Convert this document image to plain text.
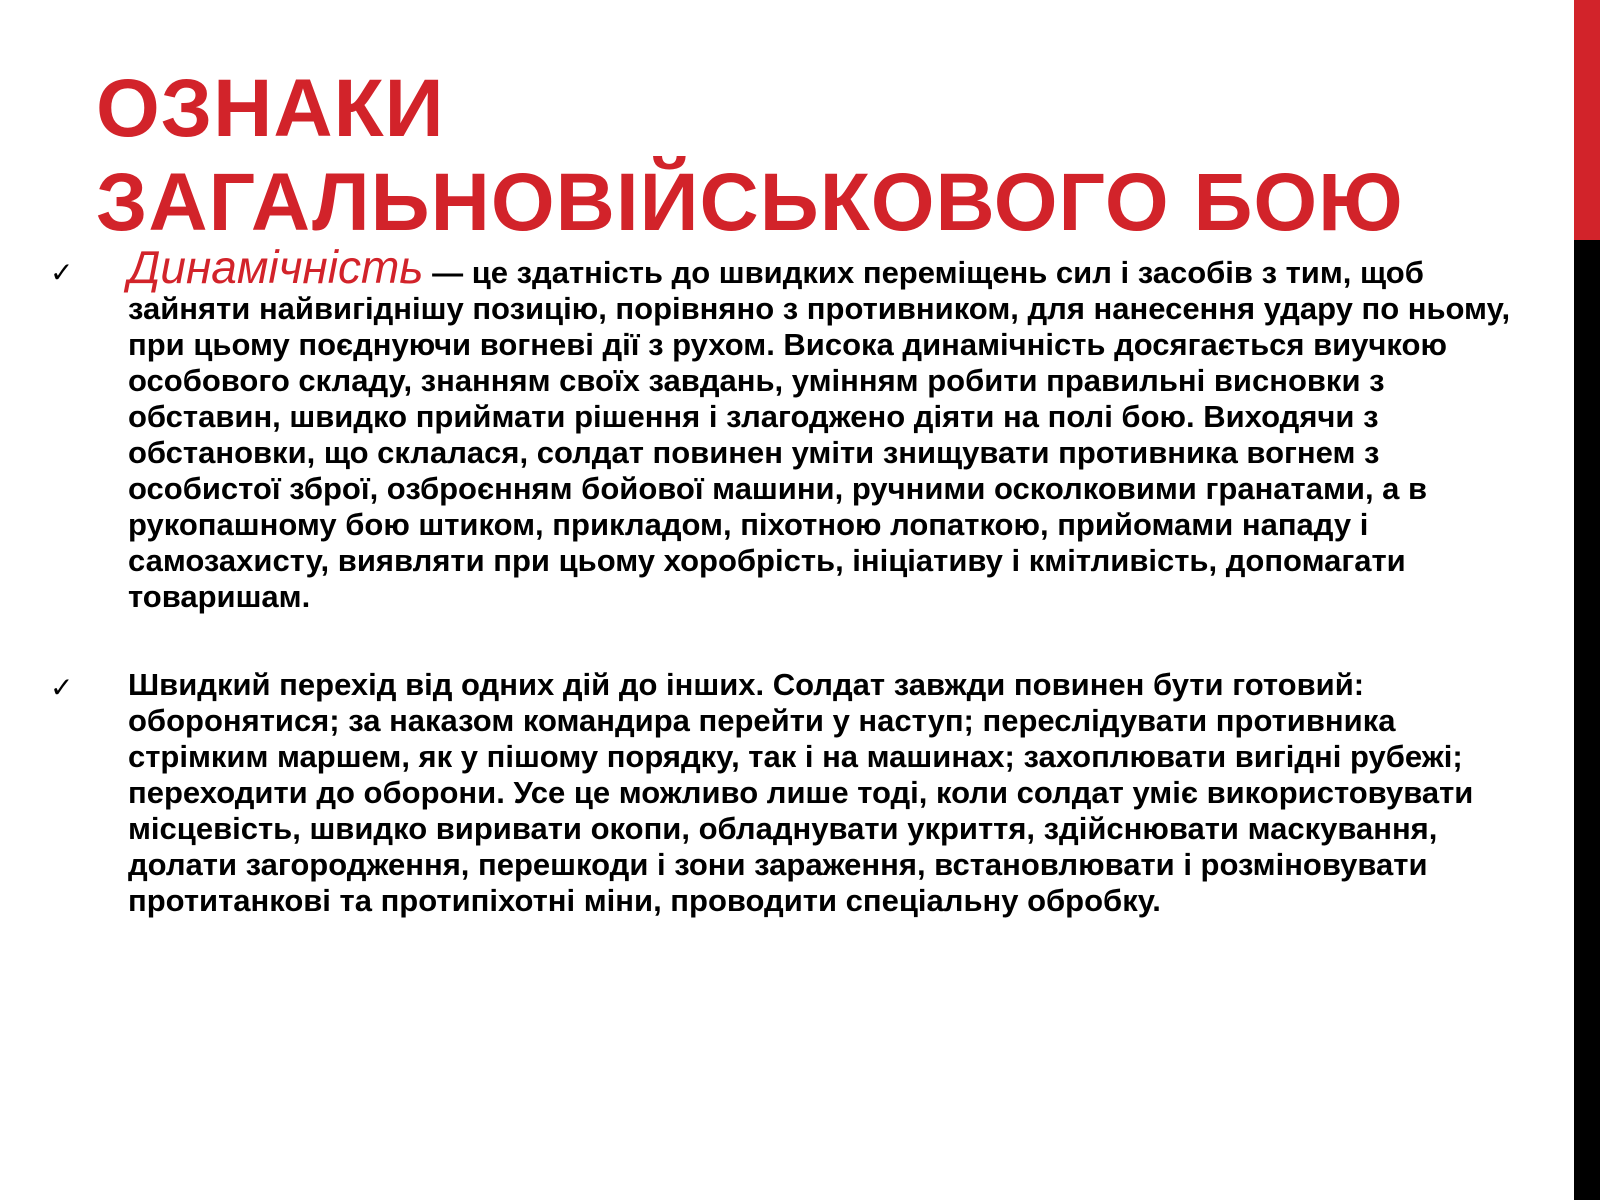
ОЗНАКИ ЗАГАЛЬНОВІЙСЬКОВОГО БОЮ
✓ Динамічність — це здатність до швидких переміщень сил і засобів з тим, щоб зайняти найвигіднішу позицію, порівняно з противником, для нанесення удару по ньому, при цьому поєднуючи вогневі дії з рухом. Висока динамічність досягається виучкою особового складу, знанням своїх завдань, умінням робити правильні висновки з обставин, швидко приймати рішення і злагоджено діяти на полі бою. Виходячи з обстановки, що склалася, солдат повинен уміти знищувати противника вогнем з особистої зброї, озброєнням бойової машини, ручними осколковими гранатами, а в рукопашному бою штиком, прикладом, піхотною лопаткою, прийомами нападу і самозахисту, виявляти при цьому хоробрість, ініціативу і кмітливість, допомагати товаришам.

✓ Швидкий перехід від одних дій до інших. Солдат завжди повинен бути готовий: оборонятися; за наказом командира перейти у наступ; переслідувати противника стрімким маршем, як у пішому порядку, так і на машинах; захоплювати вигідні рубежі; переходити до оборони. Усе це можливо лише тоді, коли солдат уміє використовувати місцевість, швидко виривати окопи, обладнувати укриття, здійснювати маскування, долати загородження, перешкоди і зони зараження, встановлювати і розміновувати протитанкові та протипіхотні міни, проводити спеціальну обробку.
